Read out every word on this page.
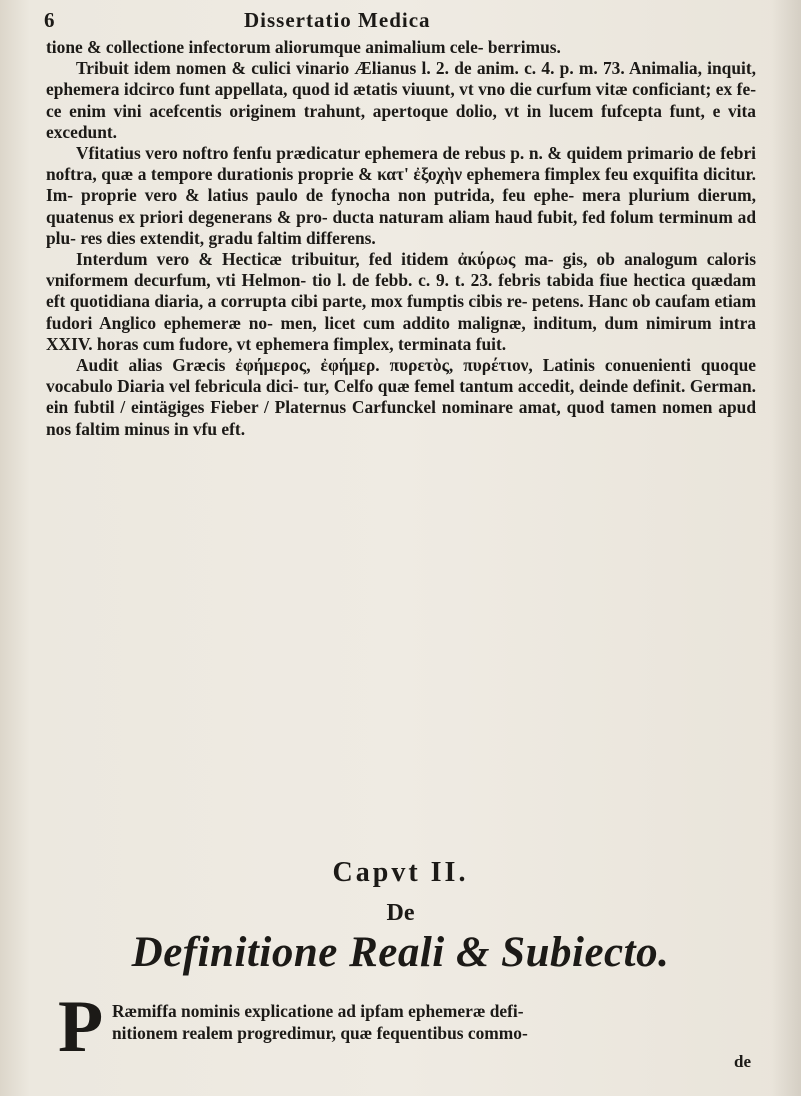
6	Dissertatio Medica

tione & collectione infectorum aliorumque animalium cele- berrimus.

Tribuit idem nomen & culici vinario Ælianus l. 2. de anim. c. 4. p. m. 73. Animalia, inquit, ephemera idcirco funt appellata, quod id ætatis viuunt, vt vno die curfum vitæ conficiant; ex fe- ce enim vini acefcentis originem trahunt, apertoque dolio, vt in lucem fufcepta funt, e vita excedunt.

Vfitatius vero noftro fenfu prædicatur ephemera de rebus p. n. & quidem primario de febri noftra, quæ a tempore durationis proprie & κατ' ἐξοχὴν ephemera fimplex feu exquifita dicitur. Im- proprie vero & latius paulo de fynocha non putrida, feu ephe- mera plurium dierum, quatenus ex priori degenerans & pro- ducta naturam aliam haud fubit, fed folum terminum ad plu- res dies extendit, gradu faltim differens.

Interdum vero & Hecticæ tribuitur, fed itidem ἀκύρως ma- gis, ob analogum caloris vniformem decurfum, vti Helmon- tio l. de febb. c. 9. t. 23. febris tabida fiue hectica quædam eft quotidiana diaria, a corrupta cibi parte, mox fumptis cibis re- petens. Hanc ob caufam etiam fudori Anglico ephemeræ no- men, licet cum addito malignæ, inditum, dum nimirum intra XXIV. horas cum fudore, vt ephemera fimplex, terminata fuit.

Audit alias Græcis ἐφήμερος, ἐφήμερ. πυρετὸς, πυρέτιον, Latinis conuenienti quoque vocabulo Diaria vel febricula dici- tur, Celfo quæ femel tantum accedit, deinde definit. German. ein fubtil / eintägiges Fieber / Platernus Carfunckel nominare amat, quod tamen nomen apud nos faltim minus in vfu eft.

Capvt II.
De
Definitione Reali & Subiecto.
P Ræmiffa nominis explicatione ad ipfam ephemeræ defi-
nitionem realem progredimur, quæ fequentibus commo-
de
